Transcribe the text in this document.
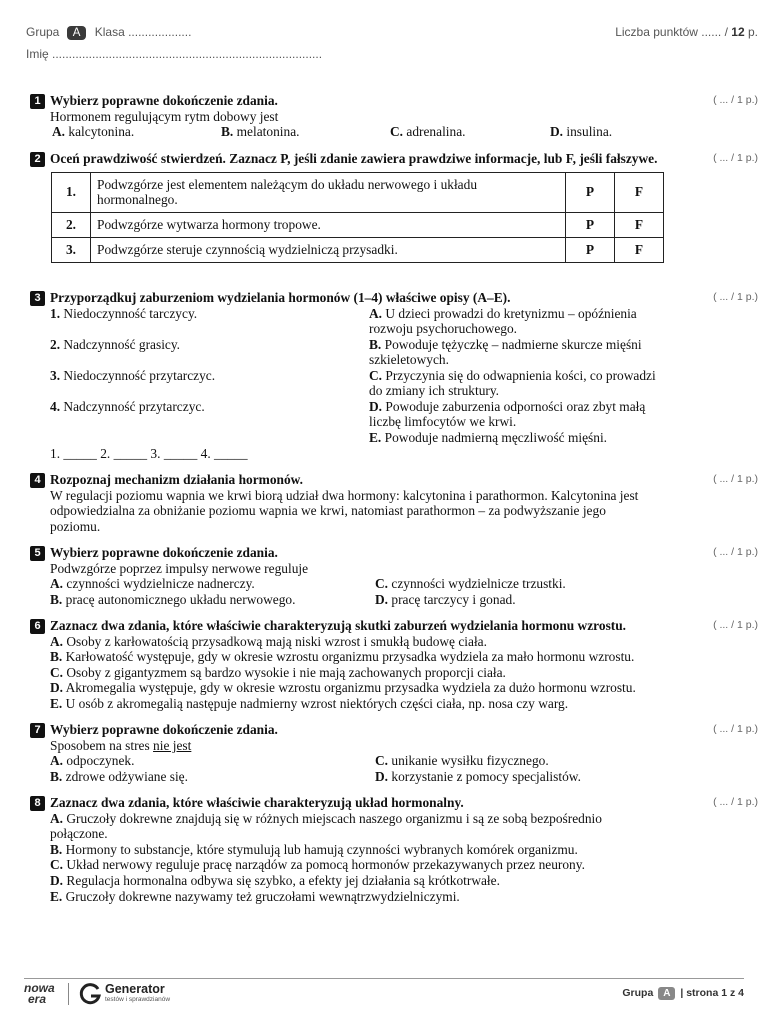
Grupa A Klasa ...................	Liczba punktów ...... / 12 p.
Imię .................................................................................
1	( ... / 1 p.)
Wybierz poprawne dokończenie zdania.
Hormonem regulującym rytm dobowy jest
A. kalcytonina.	B. melatonina.	C. adrenalina.	D. insulina.
2	( ... / 1 p.)
Oceń prawdziwość stwierdzeń. Zaznacz P, jeśli zdanie zawiera prawdziwe informacje, lub F, jeśli fałszywe.
1.	Podwzgórze jest elementem należącym do układu nerwowego i układu hormonalnego.	P	F
2.	Podwzgórze wytwarza hormony tropowe.	P	F
3.	Podwzgórze steruje czynnością wydzielniczą przysadki.	P	F
3	( ... / 1 p.)
Przyporządkuj zaburzeniom wydzielania hormonów (1–4) właściwe opisy (A–E).
1. Niedoczynność tarczycy.
2. Nadczynność grasicy.
3. Niedoczynność przytarczyc.
4. Nadczynność przytarczyc.
A. U dzieci prowadzi do kretynizmu – opóźnienia
rozwoju psychoruchowego.
B. Powoduje tężyczkę – nadmierne skurcze mięśni
szkieletowych.
C. Przyczynia się do odwapnienia kości, co prowadzi
do zmiany ich struktury.
D. Powoduje zaburzenia odporności oraz zbyt małą
liczbę limfocytów we krwi.
E. Powoduje nadmierną męczliwość mięśni.
1. _____ 2. _____ 3. _____ 4. _____
4	( ... / 1 p.)
Rozpoznaj mechanizm działania hormonów.
W regulacji poziomu wapnia we krwi biorą udział dwa hormony: kalcytonina i parathormon. Kalcytonina jest
odpowiedzialna za obniżanie poziomu wapnia we krwi, natomiast parathormon – za podwyższanie jego
poziomu.
5	( ... / 1 p.)
Wybierz poprawne dokończenie zdania.
Podwzgórze poprzez impulsy nerwowe reguluje
A. czynności wydzielnicze nadnerczy.	C. czynności wydzielnicze trzustki.
B. pracę autonomicznego układu nerwowego.	D. pracę tarczycy i gonad.
6	( ... / 1 p.)
Zaznacz dwa zdania, które właściwie charakteryzują skutki zaburzeń wydzielania hormonu wzrostu.
A. Osoby z karłowatością przysadkową mają niski wzrost i smukłą budowę ciała.
B. Karłowatość występuje, gdy w okresie wzrostu organizmu przysadka wydziela za mało hormonu wzrostu.
C. Osoby z gigantyzmem są bardzo wysokie i nie mają zachowanych proporcji ciała.
D. Akromegalia występuje, gdy w okresie wzrostu organizmu przysadka wydziela za dużo hormonu wzrostu.
E. U osób z akromegalią następuje nadmierny wzrost niektórych części ciała, np. nosa czy warg.
7	( ... / 1 p.)
Wybierz poprawne dokończenie zdania.
Sposobem na stres nie jest
A. odpoczynek.	C. unikanie wysiłku fizycznego.
B. zdrowe odżywiane się.	D. korzystanie z pomocy specjalistów.
8	( ... / 1 p.)
Zaznacz dwa zdania, które właściwie charakteryzują układ hormonalny.
A. Gruczoły dokrewne znajdują się w różnych miejscach naszego organizmu i są ze sobą bezpośrednio
połączone.
B. Hormony to substancje, które stymulują lub hamują czynności wybranych komórek organizmu.
C. Układ nerwowy reguluje pracę narządów za pomocą hormonów przekazywanych przez neurony.
D. Regulacja hormonalna odbywa się szybko, a efekty jej działania są krótkotrwałe.
E. Gruczoły dokrewne nazywamy też gruczołami wewnątrzwydzielniczymi.
nowa
era
Generator
testów i sprawdzianów
Grupa A | strona 1 z 4
